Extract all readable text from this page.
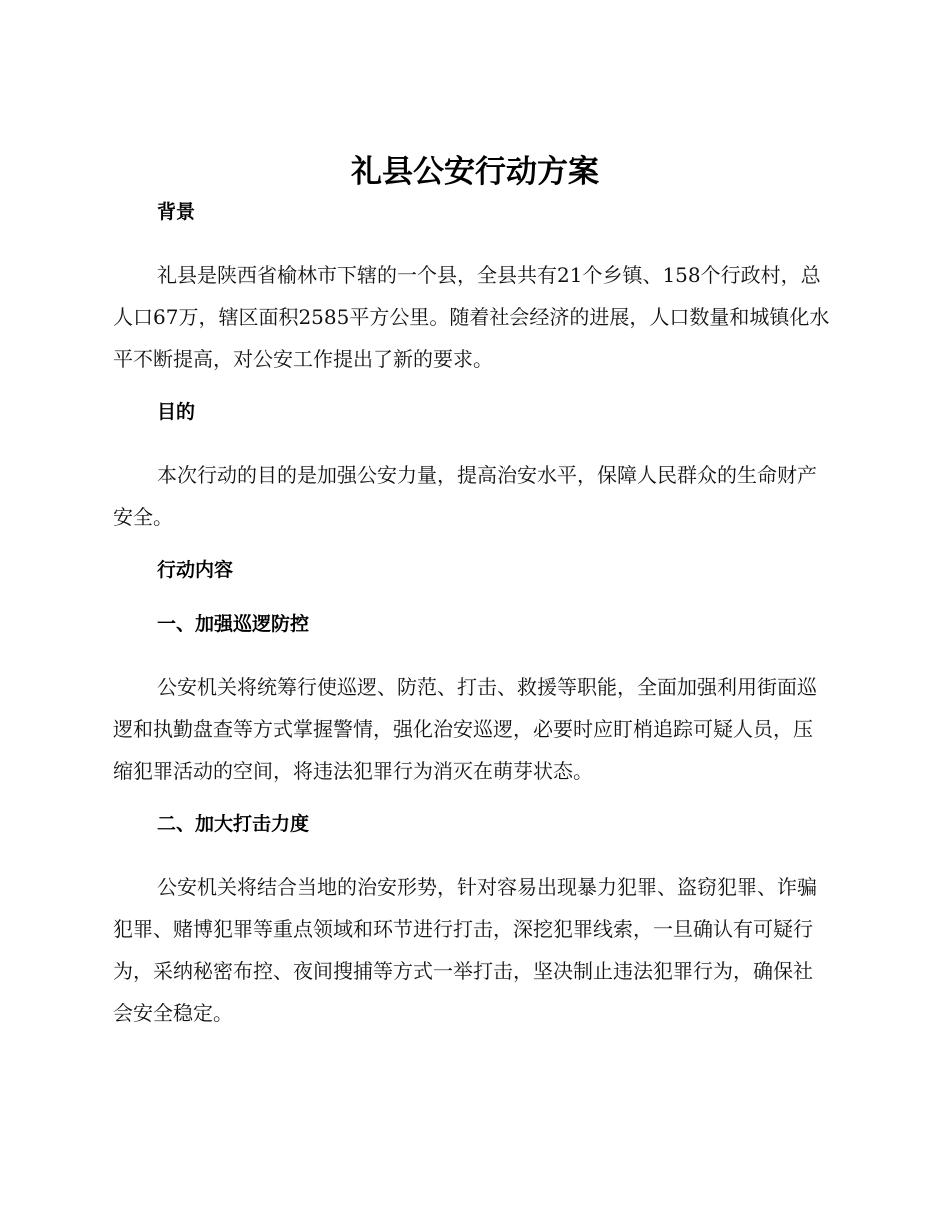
礼县公安行动方案

背景

礼县是陕西省榆林市下辖的一个县，全县共有21个乡镇、158个行政村，总人口67万，辖区面积2585平方公里。随着社会经济的进展，人口数量和城镇化水平不断提高，对公安工作提出了新的要求。

目的

本次行动的目的是加强公安力量，提高治安水平，保障人民群众的生命财产安全。

行动内容

一、加强巡逻防控

公安机关将统筹行使巡逻、防范、打击、救援等职能，全面加强利用街面巡逻和执勤盘查等方式掌握警情，强化治安巡逻，必要时应盯梢追踪可疑人员，压缩犯罪活动的空间，将违法犯罪行为消灭在萌芽状态。

二、加大打击力度

公安机关将结合当地的治安形势，针对容易出现暴力犯罪、盗窃犯罪、诈骗犯罪、赌博犯罪等重点领域和环节进行打击，深挖犯罪线索，一旦确认有可疑行为，采纳秘密布控、夜间搜捕等方式一举打击，坚决制止违法犯罪行为，确保社会安全稳定。
